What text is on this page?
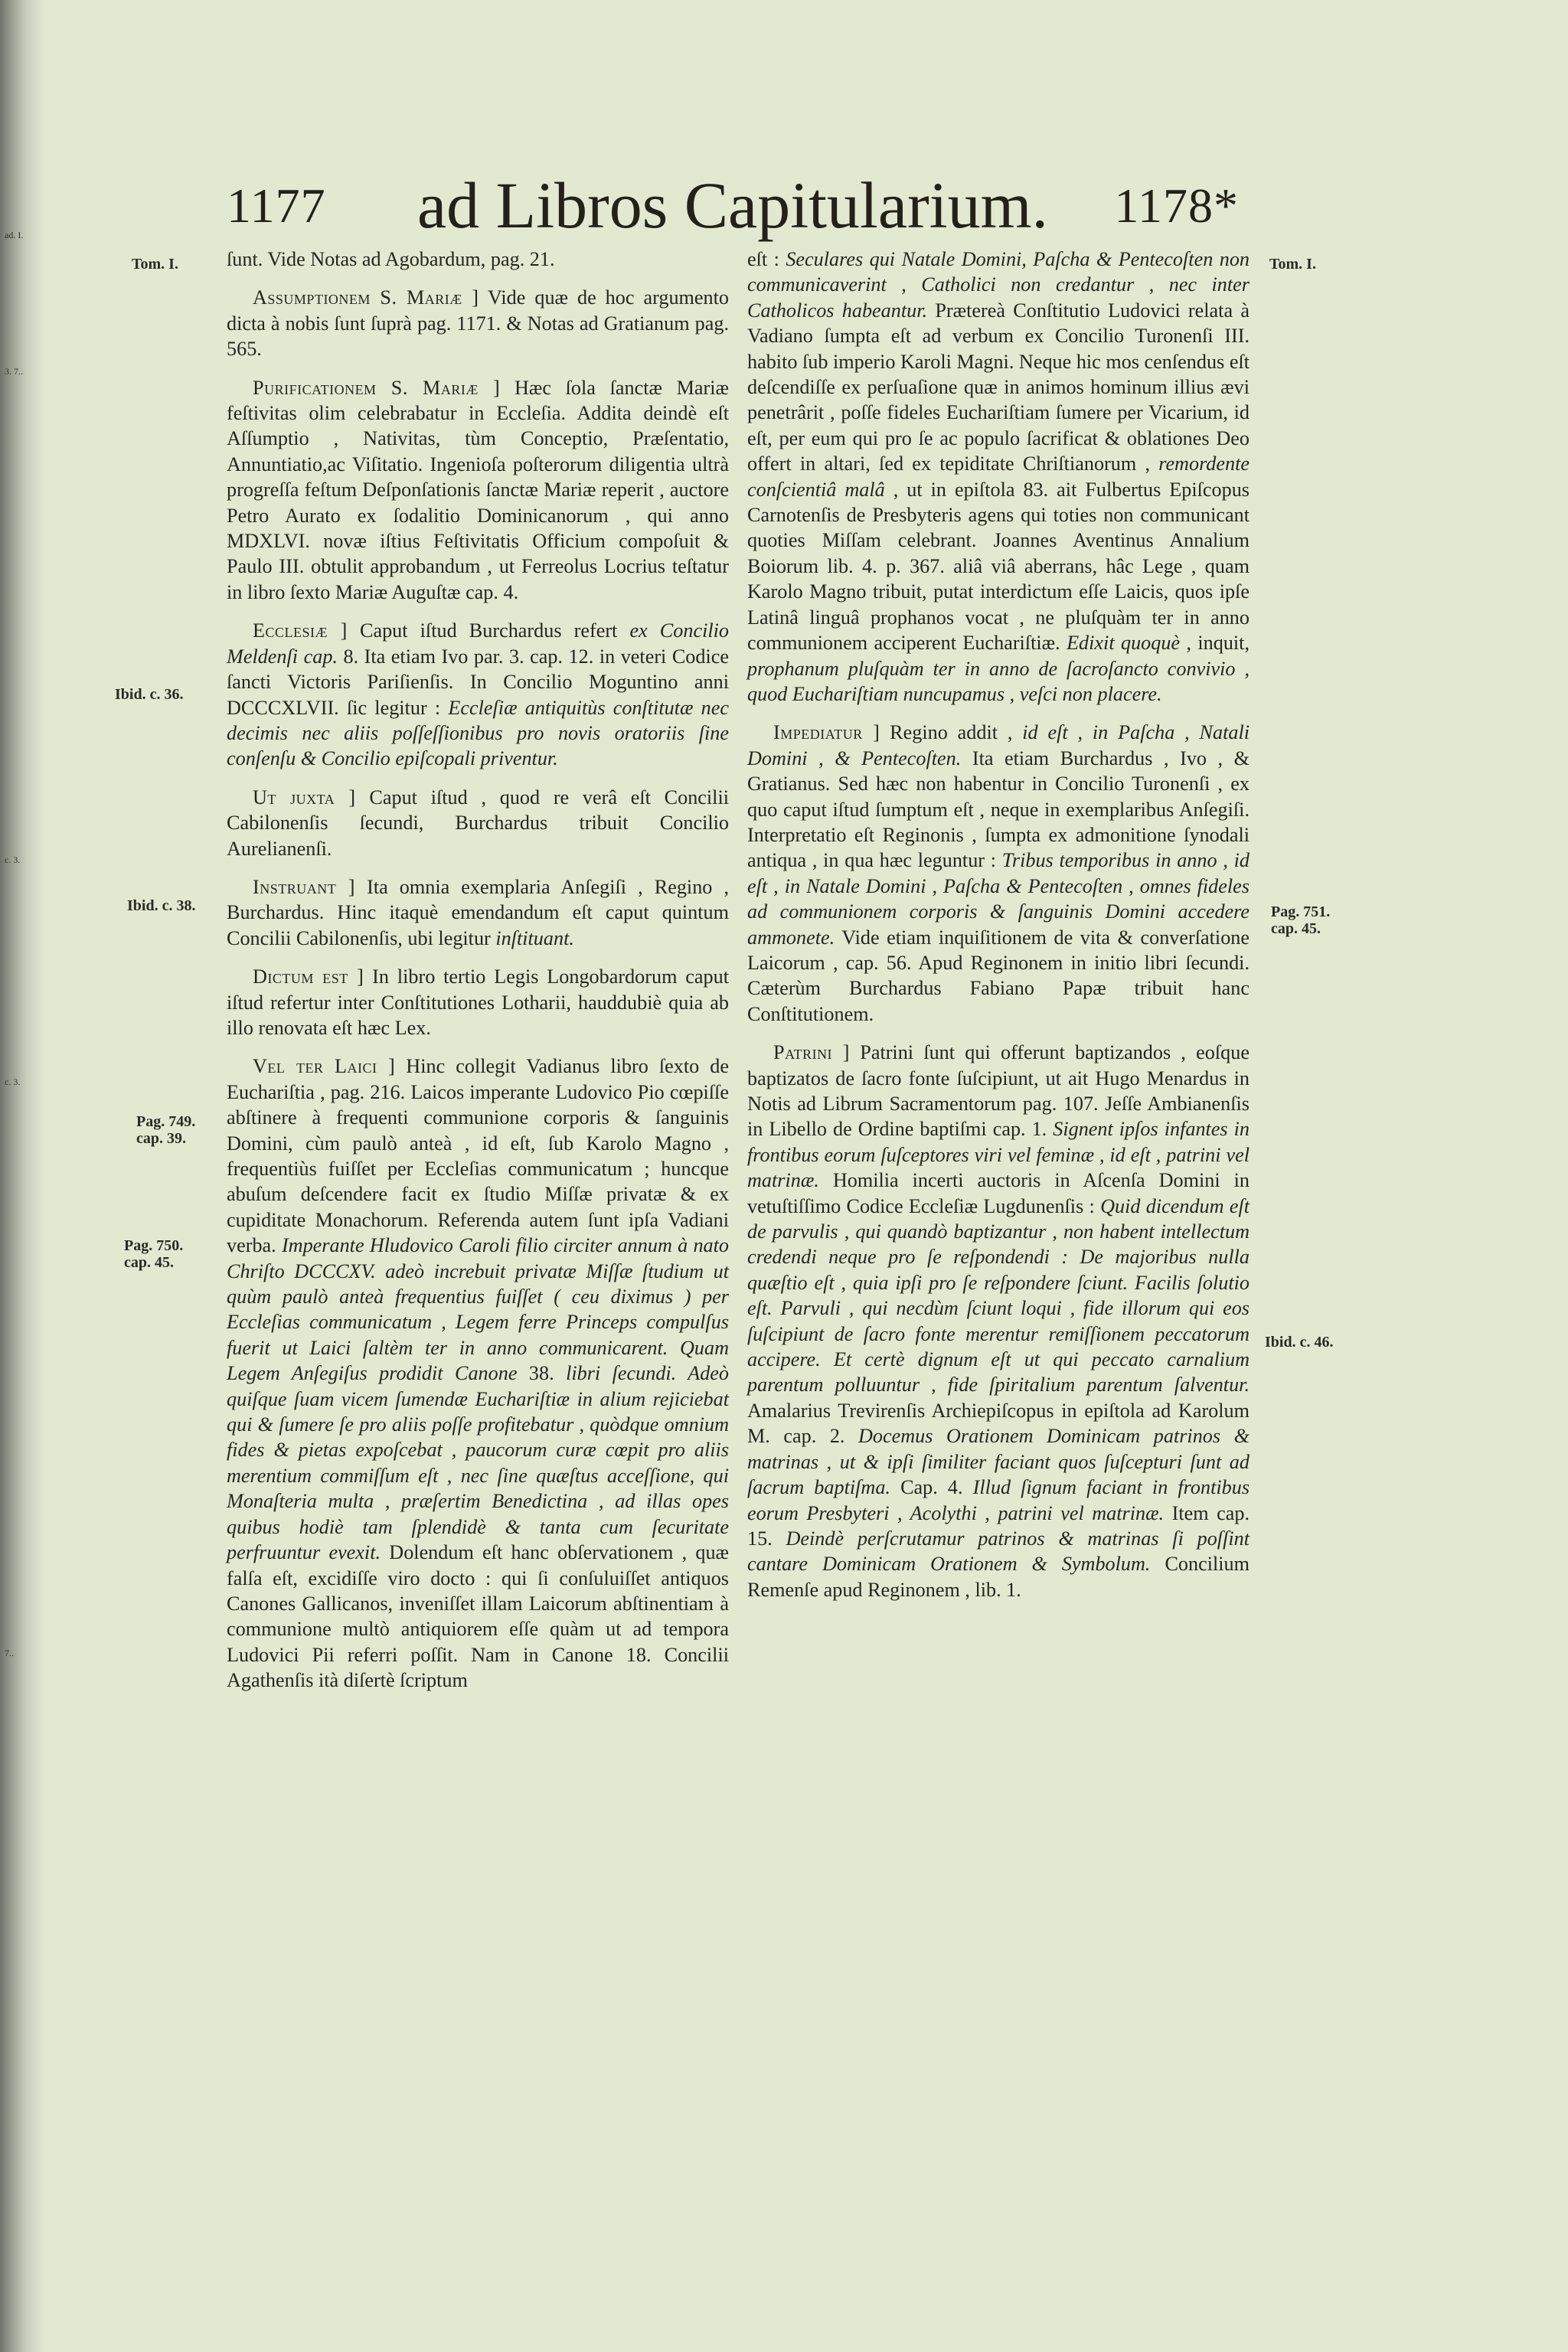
ad. I.
3. 7..
c. 3.
c. 3.
7..
1177	ad Libros Capitularium.	1178*
Tom. I.
Ibid. c. 36.
Ibid. c. 38.
Pag. 749.
cap. 39.
Pag. 750.
cap. 45.
Tom. I.
Pag. 751.
cap. 45.
Ibid. c. 46.

ſunt. Vide Notas ad Agobardum, pag. 21.

Assumptionem S. Mariæ ] Vide quæ de hoc argumento dicta à nobis ſunt ſuprà pag. 1171. & Notas ad Gratianum pag. 565.

Purificationem S. Mariæ ] Hæc ſola ſanctæ Mariæ feſtivitas olim celebrabatur in Eccleſia. Addita deindè eſt Aſſumptio , Nativitas, tùm Conceptio, Præſentatio, Annuntiatio,ac Viſitatio. Ingenioſa poſterorum diligentia ultrà progreſſa feſtum Deſponſationis ſanctæ Mariæ reperit , auctore Petro Aurato ex ſodalitio Dominicanorum , qui anno MDXLVI. novæ iſtius Feſtivitatis Officium compoſuit & Paulo III. obtulit approbandum , ut Ferreolus Locrius teſtatur in libro ſexto Mariæ Auguſtæ cap. 4.

Ecclesiæ ] Caput iſtud Burchardus refert ex Concilio Meldenſi cap. 8. Ita etiam Ivo par. 3. cap. 12. in veteri Codice ſancti Victoris Pariſienſis. In Concilio Moguntino anni DCCCXLVII. ſic legitur : Eccleſiæ antiquitùs conſtitutæ nec decimis nec aliis poſſeſſionibus pro novis oratoriis ſine conſenſu & Concilio epiſcopali priventur.

Ut juxta ] Caput iſtud , quod re verâ eſt Concilii Cabilonenſis ſecundi, Burchardus tribuit Concilio Aurelianenſi.

Instruant ] Ita omnia exemplaria Anſegiſi , Regino , Burchardus. Hinc itaquè emendandum eſt caput quintum Concilii Cabilonenſis, ubi legitur inſtituant.

Dictum est ] In libro tertio Legis Longobardorum caput iſtud refertur inter Conſtitutiones Lotharii, hauddubiè quia ab illo renovata eſt hæc Lex.

Vel ter Laici ] Hinc collegit Vadianus libro ſexto de Euchariſtia , pag. 216. Laicos imperante Ludovico Pio cœpiſſe abſtinere à frequenti communione corporis & ſanguinis Domini, cùm paulò anteà , id eſt, ſub Karolo Magno , frequentiùs fuiſſet per Eccleſias communicatum ; huncque abuſum deſcendere facit ex ſtudio Miſſæ privatæ & ex cupiditate Monachorum. Referenda autem ſunt ipſa Vadiani verba. Imperante Hludovico Caroli filio circiter annum à nato Chriſto DCCCXV. adeò increbuit privatæ Miſſæ ſtudium ut quùm paulò anteà frequentius fuiſſet ( ceu diximus ) per Eccleſias communicatum , Legem ferre Princeps compulſus fuerit ut Laici ſaltèm ter in anno communicarent. Quam Legem Anſegiſus prodidit Canone 38. libri ſecundi. Adeò quiſque ſuam vicem ſumendæ Euchariſtiæ in alium rejiciebat qui & ſumere ſe pro aliis poſſe profitebatur , quòdque omnium fides & pietas expoſcebat , paucorum curæ cœpit pro aliis merentium commiſſum eſt , nec ſine quæſtus acceſſione, qui Monaſteria multa , præſertim Benedictina , ad illas opes quibus hodiè tam ſplendidè & tanta cum ſecuritate perfruuntur evexit. Dolendum eſt hanc obſervationem , quæ falſa eſt, excidiſſe viro docto : qui ſi conſuluiſſet antiquos Canones Gallicanos, inveniſſet illam Laicorum abſtinentiam à communione multò antiquiorem eſſe quàm ut ad tempora Ludovici Pii referri poſſit. Nam in Canone 18. Concilii Agathenſis ità diſertè ſcriptum

eſt : Seculares qui Natale Domini, Paſcha & Pentecoſten non communicaverint , Catholici non credantur , nec inter Catholicos habeantur. Prætereà Conſtitutio Ludovici relata à Vadiano ſumpta eſt ad verbum ex Concilio Turonenſi III. habito ſub imperio Karoli Magni. Neque hic mos cenſendus eſt deſcendiſſe ex perſuaſione quæ in animos hominum illius ævi penetrârit , poſſe fideles Euchariſtiam ſumere per Vicarium, id eſt, per eum qui pro ſe ac populo ſacrificat & oblationes Deo offert in altari, ſed ex tepiditate Chriſtianorum , remordente conſcientiâ malâ , ut in epiſtola 83. ait Fulbertus Epiſcopus Carnotenſis de Presbyteris agens qui toties non communicant quoties Miſſam celebrant. Joannes Aventinus Annalium Boiorum lib. 4. p. 367. aliâ viâ aberrans, hâc Lege , quam Karolo Magno tribuit, putat interdictum eſſe Laicis, quos ipſe Latinâ linguâ prophanos vocat , ne pluſquàm ter in anno communionem acciperent Euchariſtiæ. Edixit quoquè , inquit, prophanum pluſquàm ter in anno de ſacroſancto convivio , quod Euchariſtiam nuncupamus , veſci non placere.

Impediatur ] Regino addit , id eſt , in Paſcha , Natali Domini , & Pentecoſten. Ita etiam Burchardus , Ivo , & Gratianus. Sed hæc non habentur in Concilio Turonenſi , ex quo caput iſtud ſumptum eſt , neque in exemplaribus Anſegiſi. Interpretatio eſt Reginonis , ſumpta ex admonitione ſynodali antiqua , in qua hæc leguntur : Tribus temporibus in anno , id eſt , in Natale Domini , Paſcha & Pentecoſten , omnes fideles ad communionem corporis & ſanguinis Domini accedere ammonete. Vide etiam inquiſitionem de vita & converſatione Laicorum , cap. 56. Apud Reginonem in initio libri ſecundi. Cæterùm Burchardus Fabiano Papæ tribuit hanc Conſtitutionem.

Patrini ] Patrini ſunt qui offerunt baptizandos , eoſque baptizatos de ſacro fonte ſuſcipiunt, ut ait Hugo Menardus in Notis ad Librum Sacramentorum pag. 107. Jeſſe Ambianenſis in Libello de Ordine baptiſmi cap. 1. Signent ipſos infantes in frontibus eorum ſuſceptores viri vel feminæ , id eſt , patrini vel matrinæ. Homilia incerti auctoris in Aſcenſa Domini in vetuſtiſſimo Codice Eccleſiæ Lugdunenſis : Quid dicendum eſt de parvulis , qui quandò baptizantur , non habent intellectum credendi neque pro ſe reſpondendi : De majoribus nulla quæſtio eſt , quia ipſi pro ſe reſpondere ſciunt. Facilis ſolutio eſt. Parvuli , qui necdùm ſciunt loqui , fide illorum qui eos ſuſcipiunt de ſacro fonte merentur remiſſionem peccatorum accipere. Et certè dignum eſt ut qui peccato carnalium parentum polluuntur , fide ſpiritalium parentum ſalventur. Amalarius Trevirenſis Archiepiſcopus in epiſtola ad Karolum M. cap. 2. Docemus Orationem Dominicam patrinos & matrinas , ut & ipſi ſimiliter faciant quos ſuſcepturi ſunt ad ſacrum baptiſma. Cap. 4. Illud ſignum faciant in frontibus eorum Presbyteri , Acolythi , patrini vel matrinæ. Item cap. 15. Deindè perſcrutamur patrinos & matrinas ſi poſſint cantare Dominicam Orationem & Symbolum. Concilium Remenſe apud Reginonem , lib. 1.
